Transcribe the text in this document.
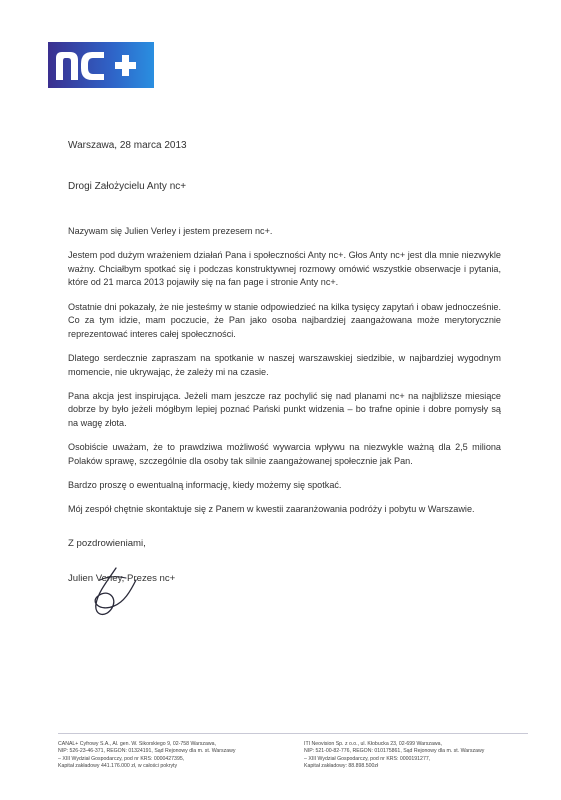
Warszawa, 28 marca 2013
Drogi Założycielu Anty nc+

Nazywam się Julien Verley i jestem prezesem nc+.

Jestem pod dużym wrażeniem działań Pana i społeczności Anty nc+. Głos Anty nc+ jest dla mnie niezwykle ważny. Chciałbym spotkać się i podczas konstruktywnej rozmowy omówić wszystkie obserwacje i pytania, które od 21 marca 2013 pojawiły się na fan page i stronie Anty nc+.

Ostatnie dni pokazały, że nie jesteśmy w stanie odpowiedzieć na kilka tysięcy zapytań i obaw jednocześnie. Co za tym idzie, mam poczucie, że Pan jako osoba najbardziej zaangażowana może merytorycznie reprezentować interes całej społeczności.

Dlatego serdecznie zapraszam na spotkanie w naszej warszawskiej siedzibie, w najbardziej wygodnym momencie, nie ukrywając, że zależy mi na czasie.

Pana akcja jest inspirująca. Jeżeli mam jeszcze raz pochylić się nad planami nc+ na najbliższe miesiące dobrze by było jeżeli mógłbym lepiej poznać Pański punkt widzenia – bo trafne opinie i dobre pomysły są na wagę złota.

Osobiście uważam, że to prawdziwa możliwość wywarcia wpływu na niezwykle ważną dla 2,5 miliona Polaków sprawę, szczególnie dla osoby tak silnie zaangażowanej społecznie jak Pan.

Bardzo proszę o ewentualną informację, kiedy możemy się spotkać.

Mój zespół chętnie skontaktuje się z Panem w kwestii zaaranżowania podróży i pobytu w Warszawie.

Z pozdrowieniami,
Julien Verley, Prezes nc+
CANAL+ Cyfrowy S.A., Al. gen. W. Sikorskiego 9, 02-758 Warszawa,
NIP: 526-23-46-371, REGON: 01324191, Sąd Rejonowy dla m. st. Warszawy
– XIII Wydział Gospodarczy, pod nr KRS: 0000427395,
Kapitał zakładowy 441.176.000 zł, w całości pokryty
ITI Neovision Sp. z o.o., ul. Kłobucka 23, 02-699 Warszawa,
NIP: 521-00-82-776, REGON: 010175861, Sąd Rejonowy dla m. st. Warszawy
– XIII Wydział Gospodarczy, pod nr KRS: 0000191277,
Kapitał zakładowy: 88.898.500zł
